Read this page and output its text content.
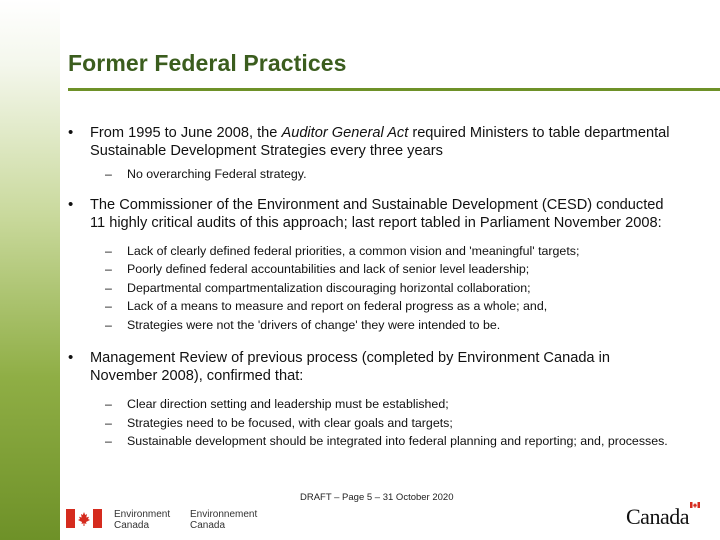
Former Federal Practices

• From 1995 to June 2008, the Auditor General Act required Ministers to table departmental Sustainable Development Strategies every three years

– No overarching Federal strategy.

• The Commissioner of the Environment and Sustainable Development (CESD) conducted 11 highly critical audits of this approach; last report tabled in Parliament November 2008:

– Lack of clearly defined federal priorities, a common vision and 'meaningful' targets;
– Poorly defined federal accountabilities and lack of senior level leadership;
– Departmental compartmentalization discouraging horizontal collaboration;
– Lack of a means to measure and report on federal progress as a whole; and,
– Strategies were not the 'drivers of change' they were intended to be.

• Management Review of previous process (completed by Environment Canada in November 2008), confirmed that:

– Clear direction setting and leadership must be established;
– Strategies need to be focused, with clear goals and targets;
– Sustainable development should be integrated into federal planning and reporting; and, processes.
DRAFT – Page 5 – 31 October 2020
Environment
Canada
Environnement
Canada	Canada
